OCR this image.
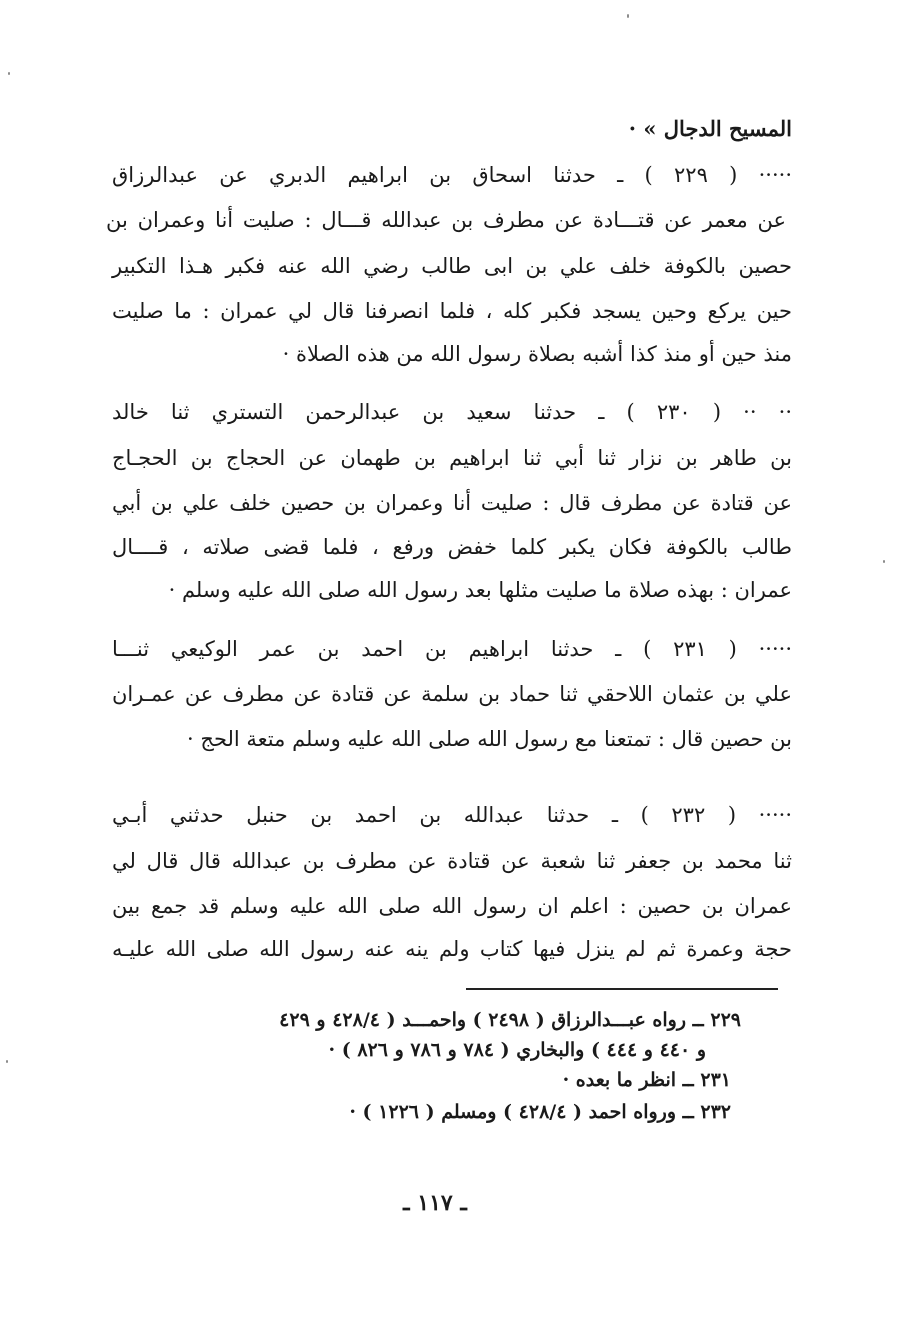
المسيح الدجال » ·
····· ( ٢٢٩ ) ـ حدثنا اسحاق بن ابراهيم الدبري عن عبدالرزاق
عن معمر عن قتـــادة عن مطرف بن عبدالله قـــال : صليت أنا وعمران بن
حصين بالكوفة خلف علي بن ابى طالب رضي الله عنه فكبر هـذا التكبير
حين يركع وحين يسجد فكبر كله ، فلما انصرفنا قال لي عمران : ما صليت
منذ حين أو منذ كذا أشبه بصلاة رسول الله من هذه الصلاة ·
·· ·· ( ٢٣٠ ) ـ حدثنا سعيد بن عبدالرحمن التستري ثنا خالد
بن طاهر بن نزار ثنا أبي ثنا ابراهيم بن طهمان عن الحجاج بن الحجـاج
عن قتادة عن مطرف قال : صليت أنا وعمران بن حصين خلف علي بن أبي
طالب بالكوفة فكان يكبر كلما خفض ورفع ، فلما قضى صلاته ، قــــال
عمران : بهذه صلاة ما صليت مثلها بعد رسول الله صلى الله عليه وسلم ·
····· ( ٢٣١ ) ـ حدثنا ابراهيم بن احمد بن عمر الوكيعي ثنـــا
علي بن عثمان اللاحقي ثنا حماد بن سلمة عن قتادة عن مطرف عن عمـران
بن حصين قال : تمتعنا مع رسول الله صلى الله عليه وسلم متعة الحج ·
····· ( ٢٣٢ ) ـ حدثنا عبدالله بن احمد بن حنبل حدثني أبـي
ثنا محمد بن جعفر ثنا شعبة عن قتادة عن مطرف بن عبدالله قال قال لي
عمران بن حصين : اعلم ان رسول الله صلى الله عليه وسلم قد جمع بين
حجة وعمرة ثم لم ينزل فيها كتاب ولم ينه عنه رسول الله صلى الله عليـه
٢٢٩ ــ رواه عبـــدالرزاق ( ٢٤٩٨ ) واحمـــد ( ٤٢٨/٤ و ٤٢٩
و ٤٤٠ و ٤٤٤ ) والبخاري ( ٧٨٤ و ٧٨٦ و ٨٢٦ ) ·
٢٣١ ــ انظر ما بعده ·
٢٣٢ ــ ورواه احمد ( ٤٢٨/٤ ) ومسلم ( ١٢٢٦ ) ·
ـ ١١٧ ـ
